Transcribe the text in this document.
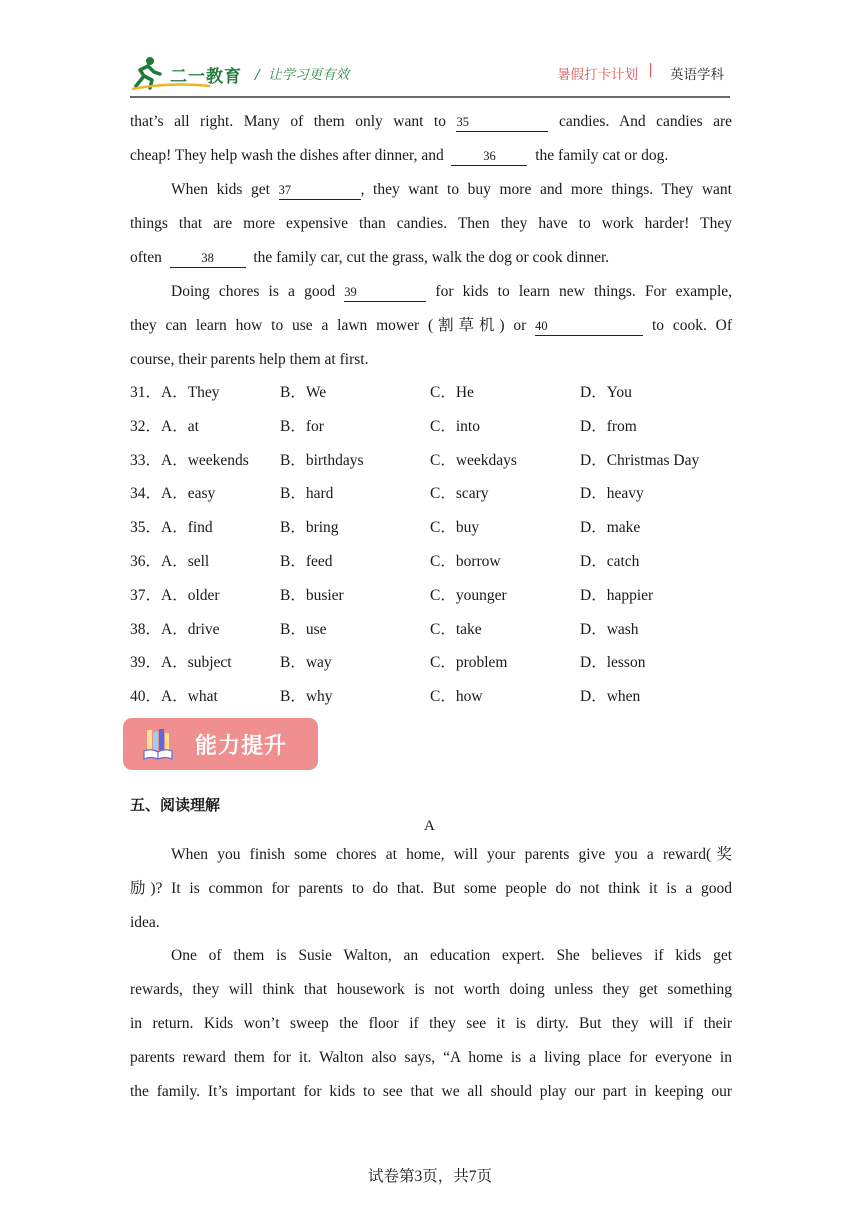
二一教育 /  让学习更有效	暑假打卡计划 | 英语学科
that’s all right. Many of them only want to 35	candies. And candies are
cheap! They help wash the dishes after dinner, and	36	the family cat or dog.
When kids get 37	, they want to buy more and more things. They want
things that are more expensive than candies. Then they have to work harder! They
often	38	the family car, cut the grass, walk the dog or cook dinner.
Doing chores is a good 39	for kids to learn new things. For example,
they can learn how to use a lawn mower (割草机) or 40	to cook. Of
course, their parents help them at first.
31．A．They	B．We	C．He	D．You
32．A．at	B．for	C．into	D．from
33．A．weekends B．birthdays	C．weekdays	D．Christmas Day
34．A．easy	B．hard	C．scary	D．heavy
35．A．find	B．bring	C．buy	D．make
36．A．sell	B．feed	C．borrow	D．catch
37．A．older	B．busier	C．younger	D．happier
38．A．drive	B．use	C．take	D．wash
39．A．subject	B．way	C．problem	D．lesson
40．A．what	B．why	C．how	D．when
能力提升
五、阅读理解
A
When you finish some chores at home, will your parents give you a reward(奖
励)? It is common for parents to do that. But some people do not think it is a good
idea.
One of them is Susie Walton, an education expert. She believes if kids get
rewards, they will think that housework is not worth doing unless they get something
in return. Kids won’t sweep the floor if they see it is dirty. But they will if their
parents reward them for it. Walton also says, “A home is a living place for everyone in
the family. It’s important for kids to see that we all should play our part in keeping our
试卷第3页，共7页
